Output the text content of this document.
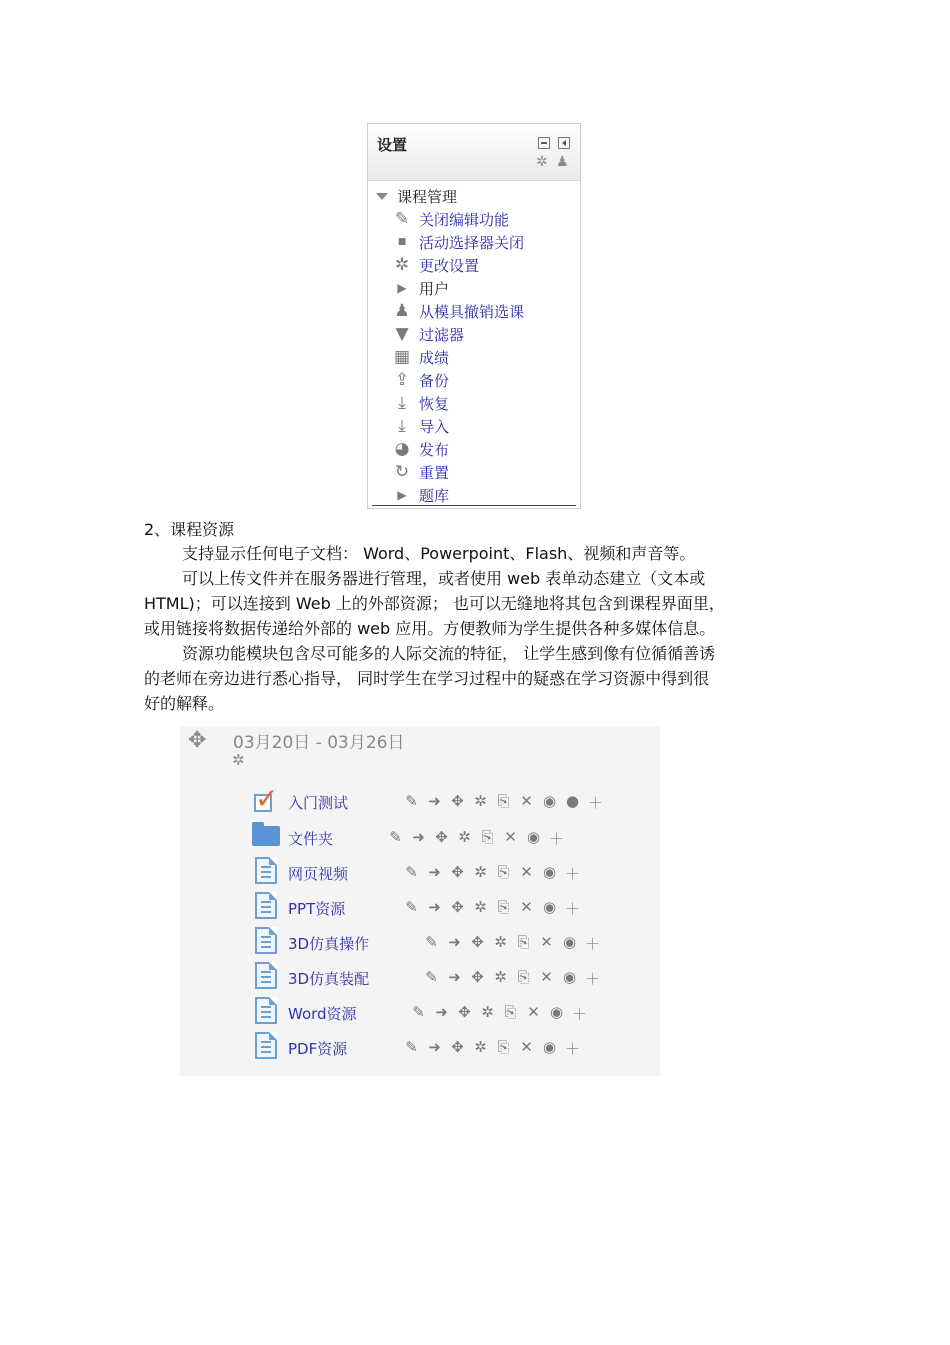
设置
✲ ♟
课程管理
✎ 关闭编辑功能
■ 活动选择器关闭
✲ 更改设置
▶ 用户
♟ 从模具撤销选课
▼ 过滤器
▦ 成绩
⇪ 备份
⤓ 恢复
⤓ 导入
◕ 发布
↻ 重置
▶ 题库
2、课程资源
支持显示任何电子文档： Word、Powerpoint、Flash、视频和声音等。
可以上传文件并在服务器进行管理，或者使用 web 表单动态建立（文本或
HTML)；可以连接到 Web 上的外部资源； 也可以无缝地将其包含到课程界面里，
或用链接将数据传递给外部的 web 应用。方便教师为学生提供各种多媒体信息。
资源功能模块包含尽可能多的人际交流的特征， 让学生感到像有位循循善诱
的老师在旁边进行悉心指导， 同时学生在学习过程中的疑惑在学习资源中得到很
好的解释。
✥ 03月20日 - 03月26日
✲
✓ 入门测试	✎ ➜ ✥ ✲ ⎘ ✕ ◉ ● ＋
文件夹	✎ ➜ ✥ ✲ ⎘ ✕ ◉ ＋
网页视频	✎ ➜ ✥ ✲ ⎘ ✕ ◉ ＋
PPT资源	✎ ➜ ✥ ✲ ⎘ ✕ ◉ ＋
3D仿真操作	✎ ➜ ✥ ✲ ⎘ ✕ ◉ ＋
3D仿真装配	✎ ➜ ✥ ✲ ⎘ ✕ ◉ ＋
Word资源	✎ ➜ ✥ ✲ ⎘ ✕ ◉ ＋
PDF资源	✎ ➜ ✥ ✲ ⎘ ✕ ◉ ＋
